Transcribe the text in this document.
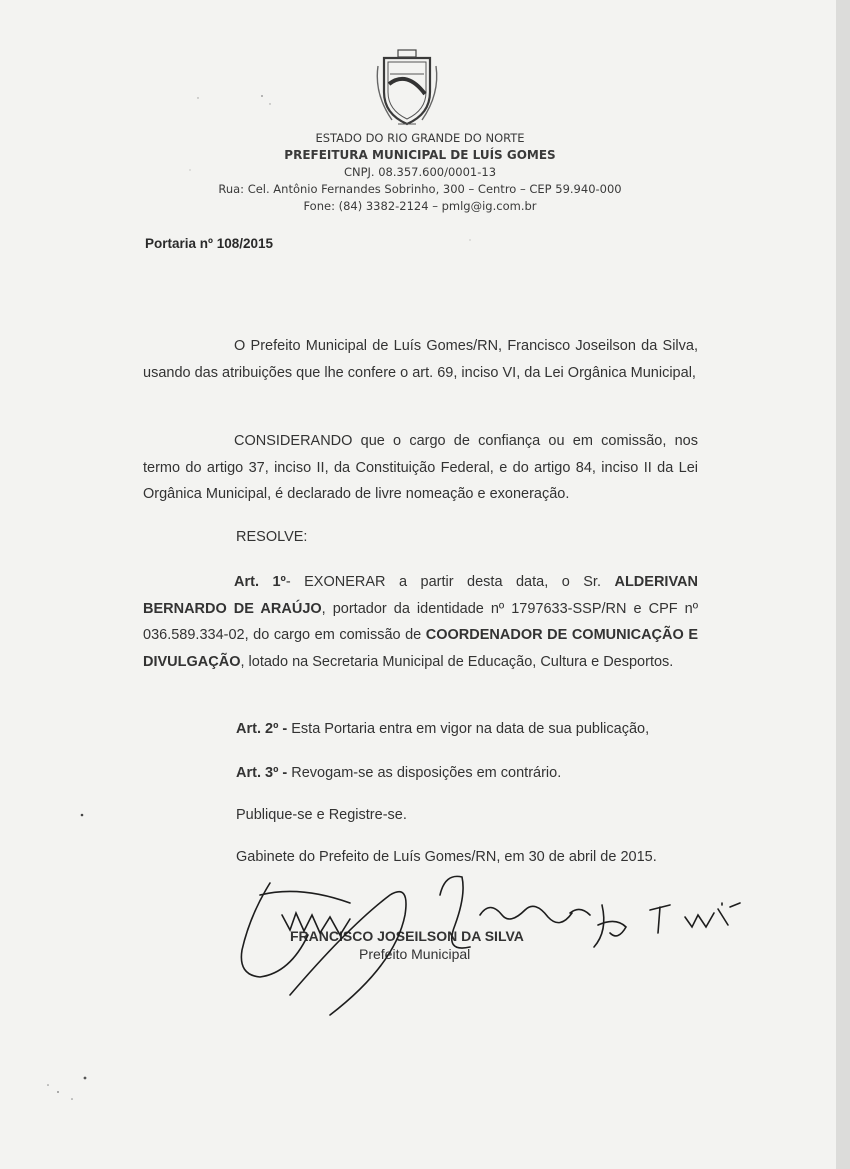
ESTADO DO RIO GRANDE DO NORTE
PREFEITURA MUNICIPAL DE LUÍS GOMES
CNPJ. 08.357.600/0001-13
Rua: Cel. Antônio Fernandes Sobrinho, 300 – Centro – CEP 59.940-000
Fone: (84) 3382-2124 – pmlg@ig.com.br
Portaria nº 108/2015
O Prefeito Municipal de Luís Gomes/RN, Francisco Joseilson da Silva, usando das atribuições que lhe confere o art. 69, inciso VI, da Lei Orgânica Municipal,
CONSIDERANDO que o cargo de confiança ou em comissão, nos termo do artigo 37, inciso II, da Constituição Federal, e do artigo 84, inciso II da Lei Orgânica Municipal, é declarado de livre nomeação e exoneração.
RESOLVE:
Art. 1º- EXONERAR a partir desta data, o Sr. ALDERIVAN BERNARDO DE ARAÚJO, portador da identidade nº 1797633-SSP/RN e CPF nº 036.589.334-02, do cargo em comissão de COORDENADOR DE COMUNICAÇÃO E DIVULGAÇÃO, lotado na Secretaria Municipal de Educação, Cultura e Desportos.
Art. 2º - Esta Portaria entra em vigor na data de sua publicação,
Art. 3º - Revogam-se as disposições em contrário.
Publique-se e Registre-se.
Gabinete do Prefeito de Luís Gomes/RN, em 30 de abril de 2015.
FRANCISCO JOSEILSON DA SILVA
Prefeito Municipal
